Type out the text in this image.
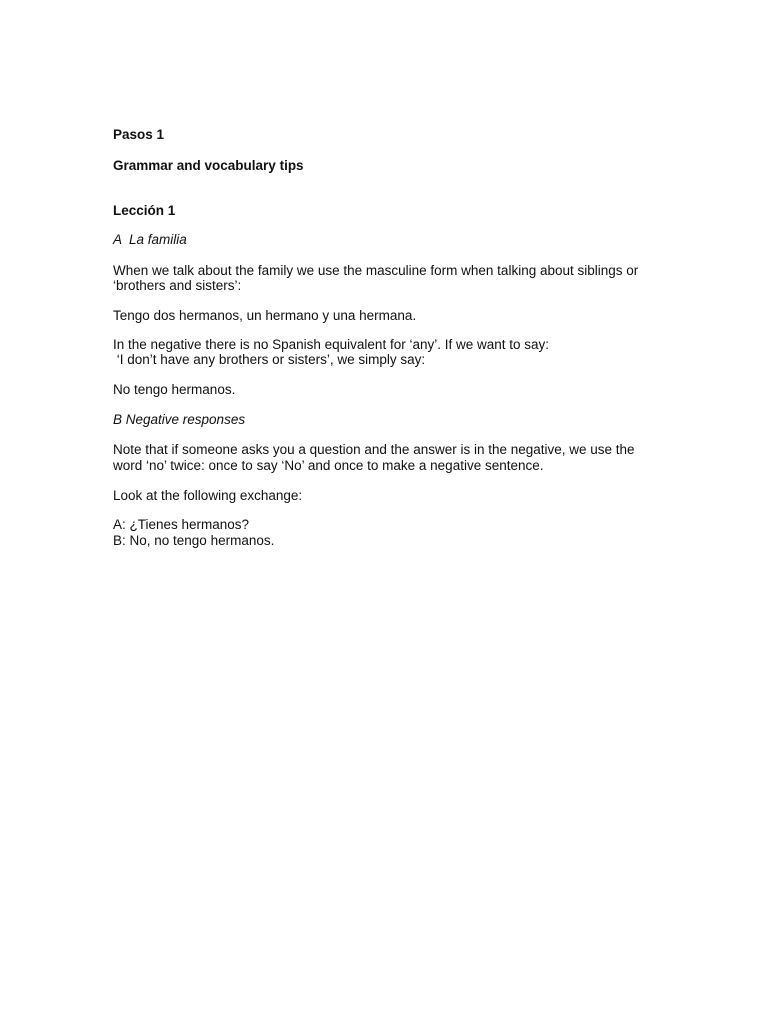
Pasos 1
Grammar and vocabulary tips
Lección 1
A  La familia
When we talk about the family we use the masculine form when talking about siblings or
‘brothers and sisters’:
Tengo dos hermanos, un hermano y una hermana.
In the negative there is no Spanish equivalent for ‘any’. If we want to say:
‘I don’t have any brothers or sisters’, we simply say:
No tengo hermanos.
B Negative responses
Note that if someone asks you a question and the answer is in the negative, we use the
word ‘no’ twice: once to say ‘No’ and once to make a negative sentence.
Look at the following exchange:
A: ¿Tienes hermanos?
B: No, no tengo hermanos.
